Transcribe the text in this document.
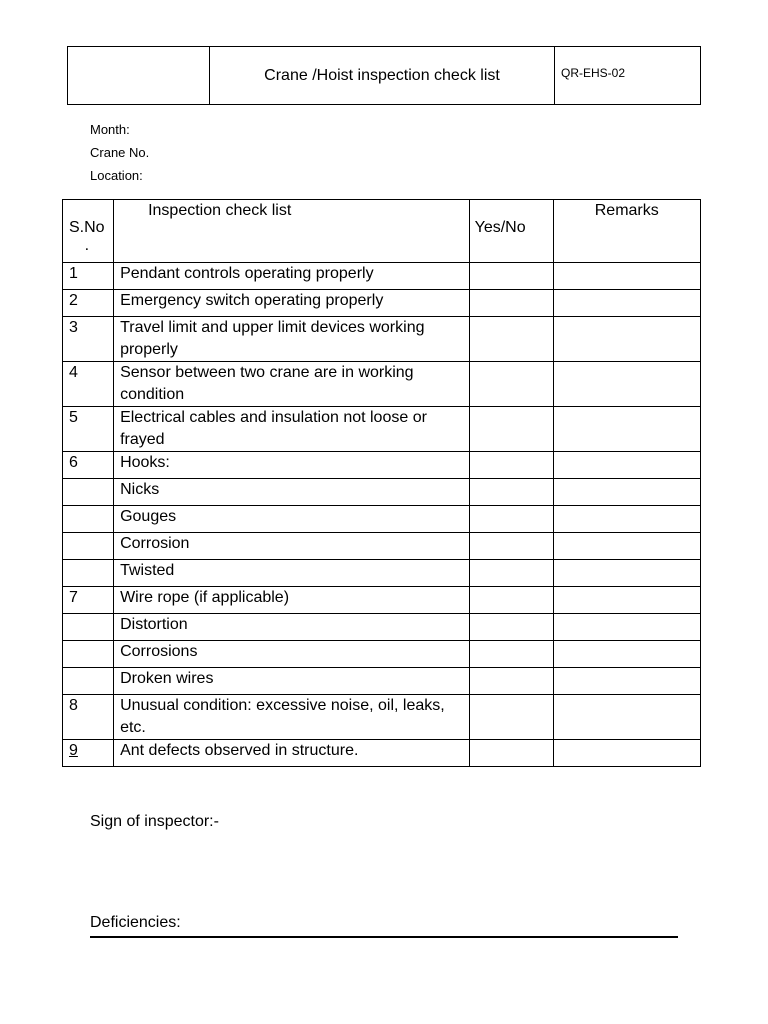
	Crane /Hoist inspection check list	QR-EHS-02
Month:
Crane No.
Location:
S.No
.	Inspection check list	Yes/No	Remarks

1	Pendant controls operating properly		
2	Emergency switch operating properly		
3	Travel limit and upper limit devices working properly		
4	Sensor between two crane are in working condition		
5	Electrical cables and insulation not loose or frayed		
6	Hooks:		
	Nicks		
	Gouges		
	Corrosion		
	Twisted		
7	Wire rope (if applicable)		
	Distortion		
	Corrosions		
	Droken wires		
8	Unusual condition: excessive noise, oil, leaks, etc.		
9	Ant defects observed in structure.		
Sign of inspector:-
Deficiencies:
